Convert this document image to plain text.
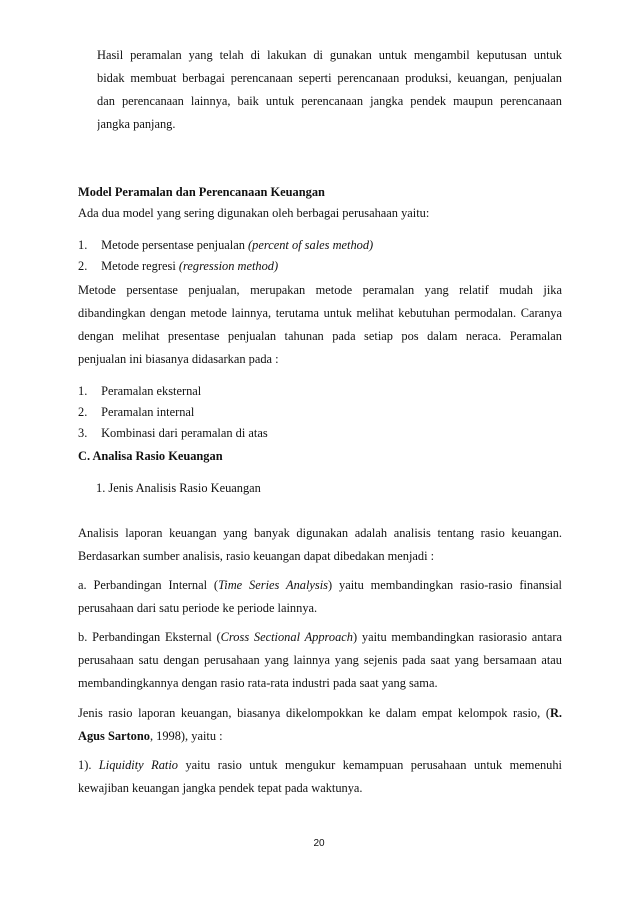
Hasil peramalan yang telah di lakukan di gunakan untuk mengambil keputusan untuk
bidak membuat berbagai perencanaan seperti perencanaan produksi, keuangan, penjualan
dan perencanaan lainnya, baik untuk perencanaan jangka pendek maupun perencanaan
jangka panjang.
Model Peramalan dan Perencanaan Keuangan
Ada dua model yang sering digunakan oleh berbagai perusahaan yaitu:
1. Metode persentase penjualan (percent of sales method)
2. Metode regresi (regression method)
Metode persentase penjualan, merupakan metode peramalan yang relatif mudah jika
dibandingkan dengan metode lainnya, terutama untuk melihat kebutuhan permodalan. Caranya
dengan melihat presentase penjualan tahunan pada setiap pos dalam neraca. Peramalan
penjualan ini biasanya didasarkan pada :
1. Peramalan eksternal
2. Peramalan internal
3. Kombinasi dari peramalan di atas
C. Analisa Rasio Keuangan
1. Jenis Analisis Rasio Keuangan
Analisis laporan keuangan yang banyak digunakan adalah analisis tentang rasio keuangan.
Berdasarkan sumber analisis, rasio keuangan dapat dibedakan menjadi :
a. Perbandingan Internal (Time Series Analysis) yaitu membandingkan rasio-rasio finansial
perusahaan dari satu periode ke periode lainnya.
b. Perbandingan Eksternal (Cross Sectional Approach) yaitu membandingkan rasiorasio antara
perusahaan satu dengan perusahaan yang lainnya yang sejenis pada saat yang bersamaan atau
membandingkannya dengan rasio rata-rata industri pada saat yang sama.
Jenis rasio laporan keuangan, biasanya dikelompokkan ke dalam empat kelompok rasio, (R.
Agus Sartono, 1998), yaitu :
1). Liquidity Ratio yaitu rasio untuk mengukur kemampuan perusahaan untuk memenuhi
kewajiban keuangan jangka pendek tepat pada waktunya.
20
